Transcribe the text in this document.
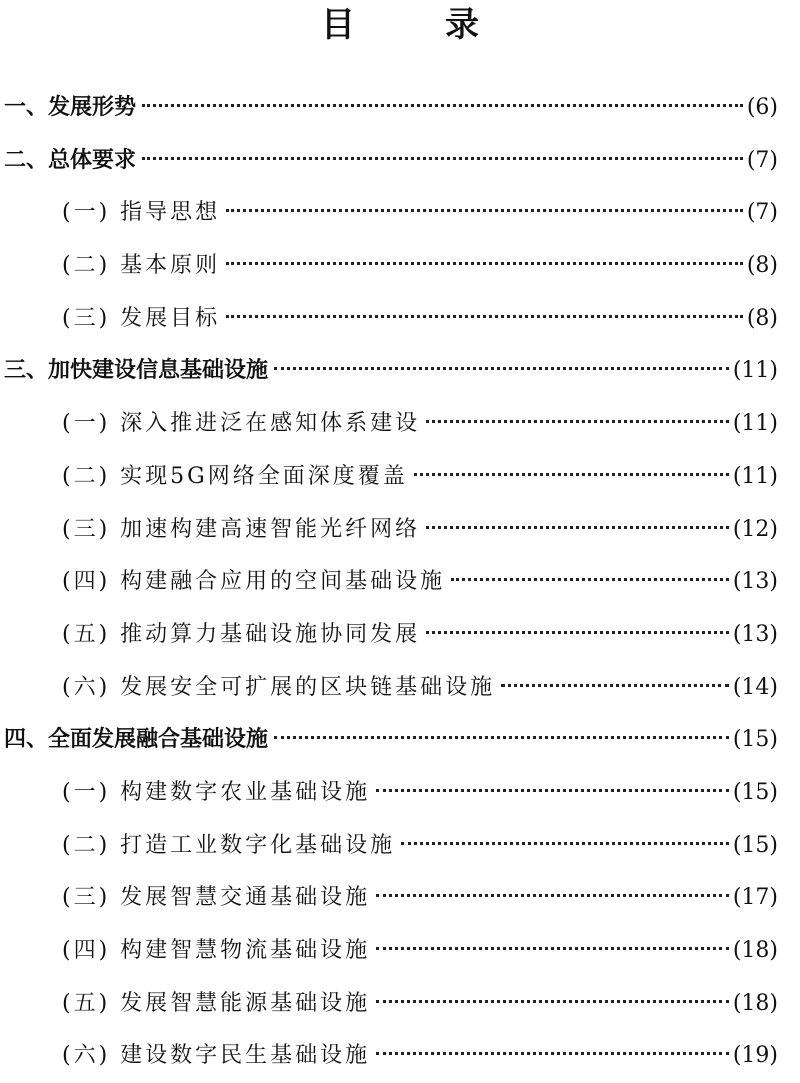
目　录
一、发展形势	(6)
二、总体要求	(7)
(一) 指导思想	(7)
(二) 基本原则	(8)
(三) 发展目标	(8)
三、加快建设信息基础设施	(11)
(一) 深入推进泛在感知体系建设	(11)
(二) 实现5G网络全面深度覆盖	(11)
(三) 加速构建高速智能光纤网络	(12)
(四) 构建融合应用的空间基础设施	(13)
(五) 推动算力基础设施协同发展	(13)
(六) 发展安全可扩展的区块链基础设施	(14)
四、全面发展融合基础设施	(15)
(一) 构建数字农业基础设施	(15)
(二) 打造工业数字化基础设施	(15)
(三) 发展智慧交通基础设施	(17)
(四) 构建智慧物流基础设施	(18)
(五) 发展智慧能源基础设施	(18)
(六) 建设数字民生基础设施	(19)
